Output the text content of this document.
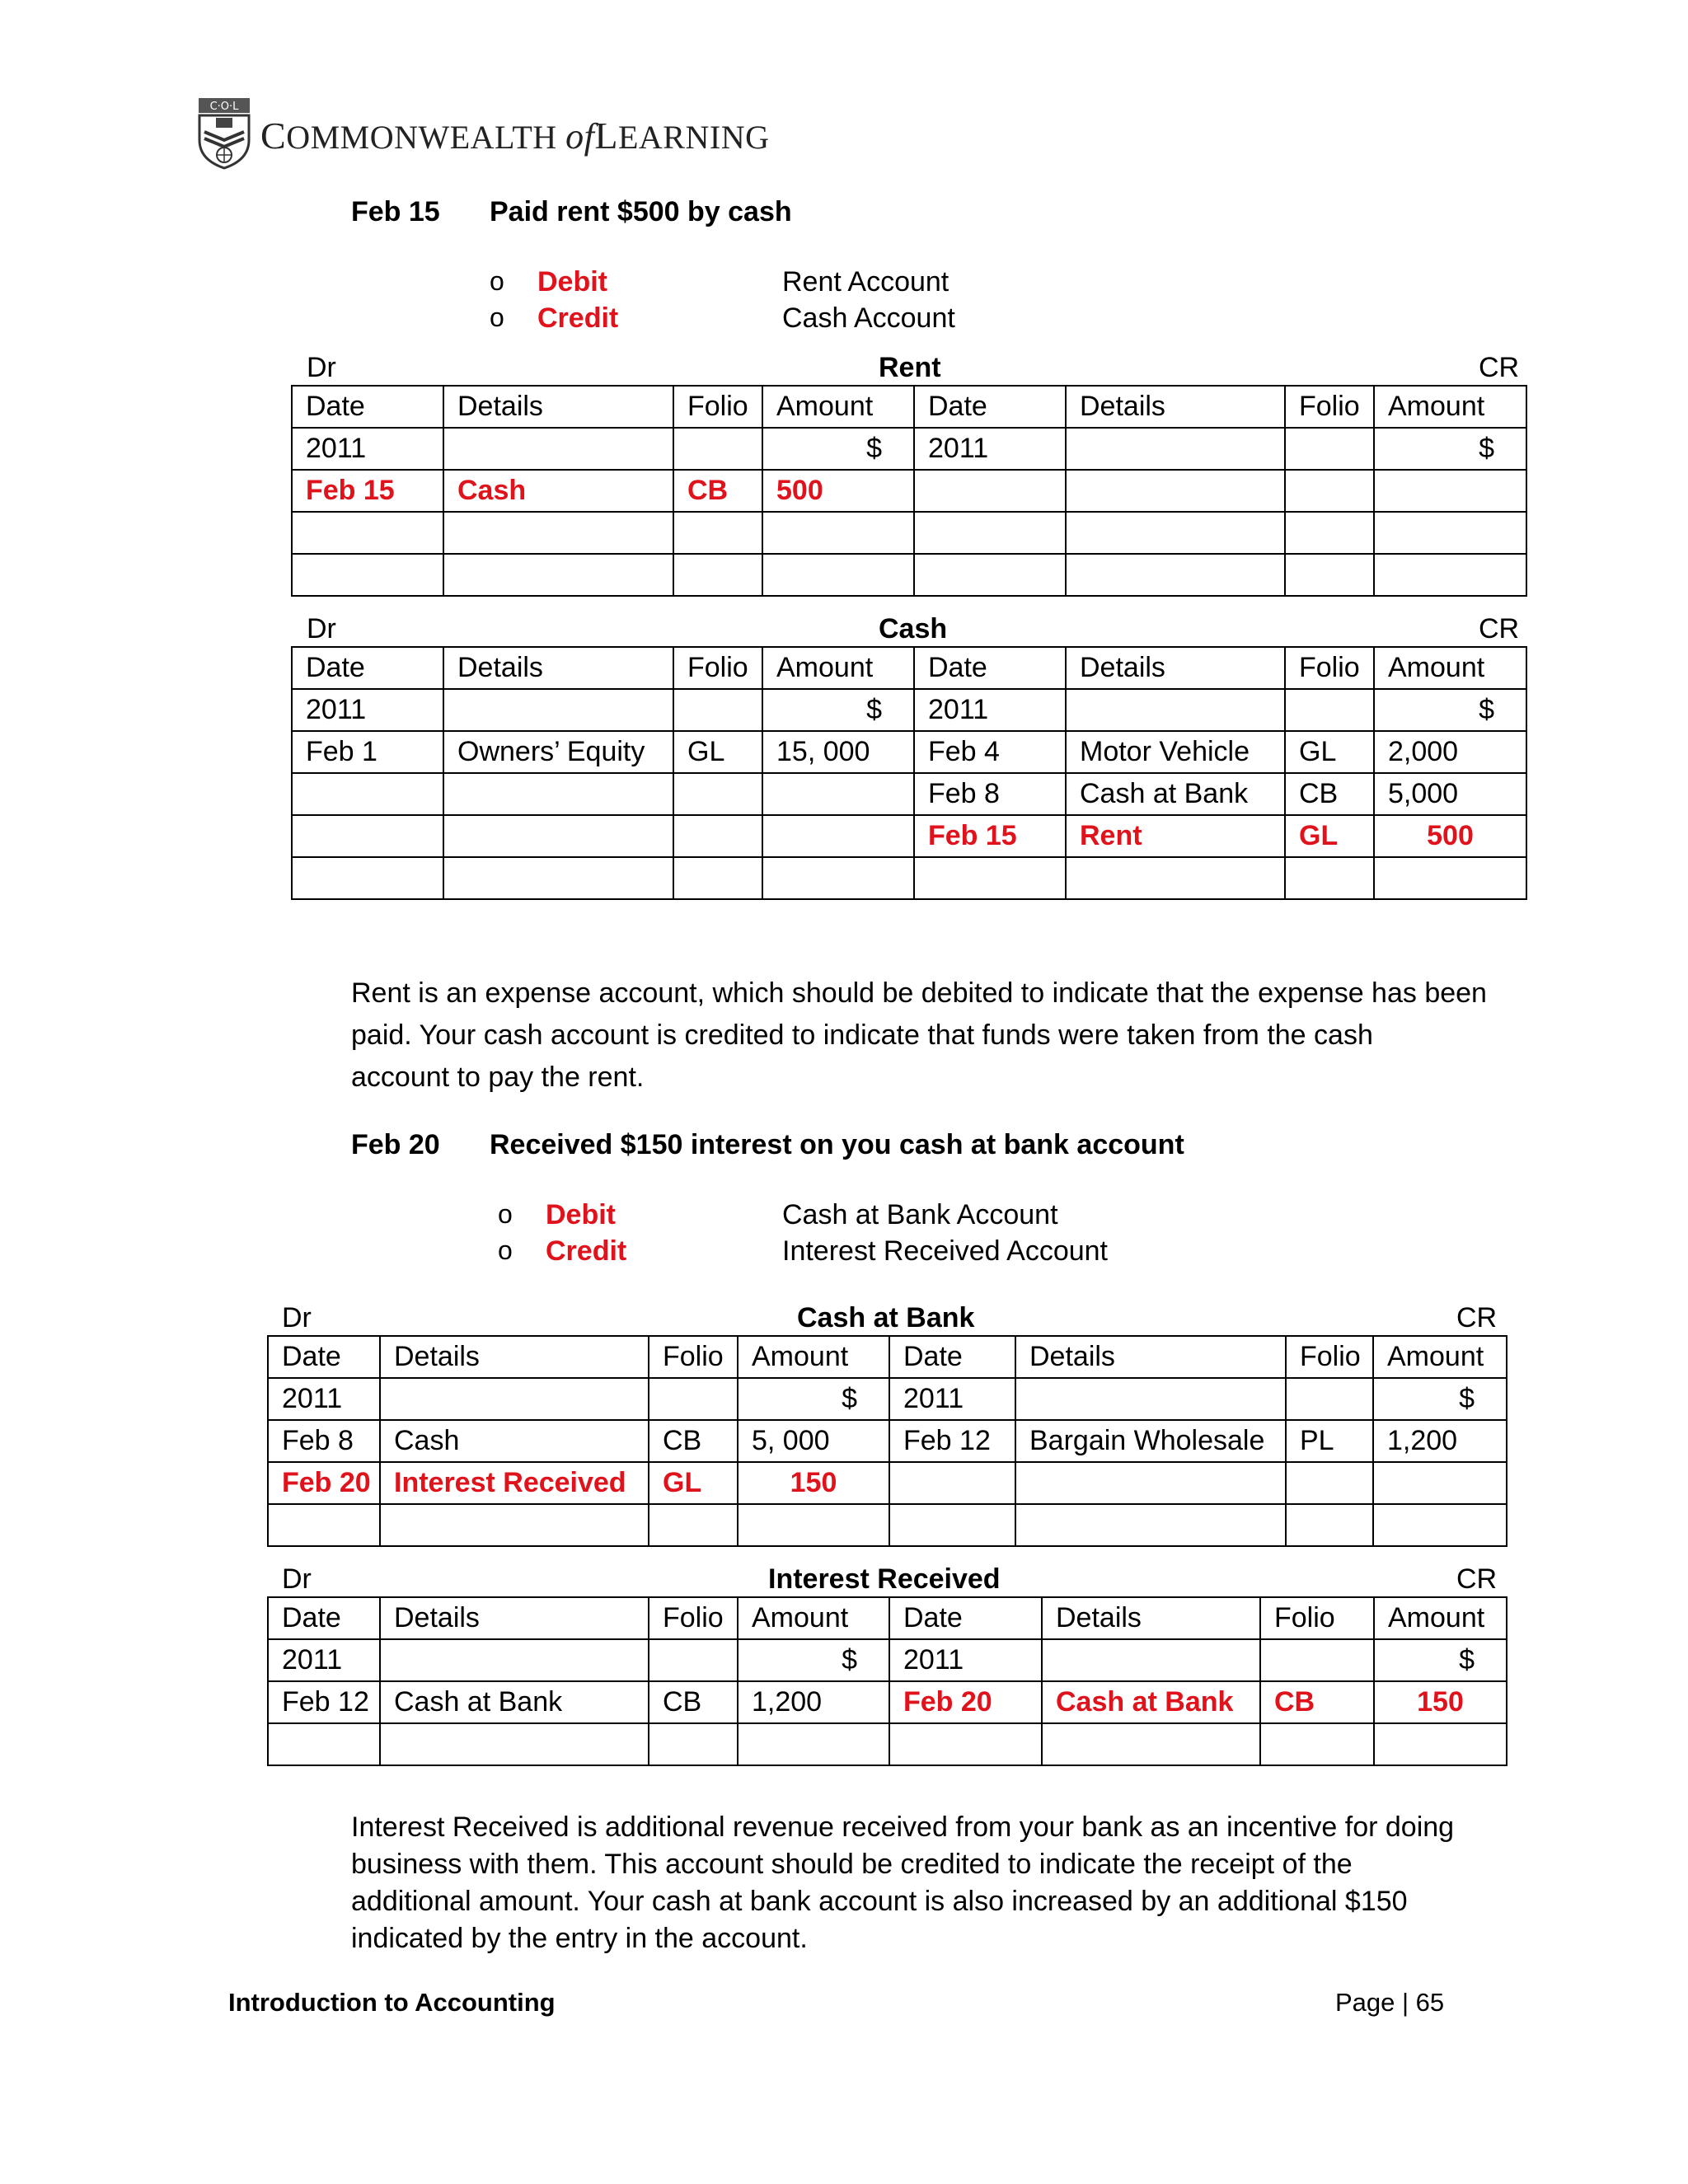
C·O·L
COMMONWEALTH ofLEARNING
Feb 15 Paid rent $500 by cash
o Debit	Rent Account
o Credit	Cash Account
Dr	Rent	CR
Date	Details	Folio	Amount	Date	Details	Folio	Amount
2011			$	2011			$
Feb 15	Cash	CB	500				

Dr	Cash	CR
Date	Details	Folio	Amount	Date	Details	Folio	Amount
2011			$	2011			$
Feb 1	Owners’ Equity	GL	15, 000	Feb 4	Motor Vehicle	GL	2,000
				Feb 8	Cash at Bank	CB	5,000
				Feb 15	Rent	GL	500

Rent is an expense account, which should be debited to indicate that the expense has been
paid. Your cash account is credited to indicate that funds were taken from the cash
account to pay the rent.
Feb 20 Received $150 interest on you cash at bank account
o Debit	Cash at Bank Account
o Credit	Interest Received Account
Dr	Cash at Bank	CR
Date	Details	Folio	Amount	Date	Details	Folio	Amount
2011			$	2011			$
Feb 8	Cash	CB	5, 000	Feb 12	Bargain Wholesale	PL	1,200
Feb 20	Interest Received	GL	150				

Dr	Interest Received	CR
Date	Details	Folio	Amount	Date	Details	Folio	Amount
2011			$	2011			$
Feb 12	Cash at Bank	CB	1,200	Feb 20	Cash at Bank	CB	150

Interest Received is additional revenue received from your bank as an incentive for doing
business with them. This account should be credited to indicate the receipt of the
additional amount. Your cash at bank account is also increased by an additional $150
indicated by the entry in the account.
Introduction to Accounting	Page | 65
